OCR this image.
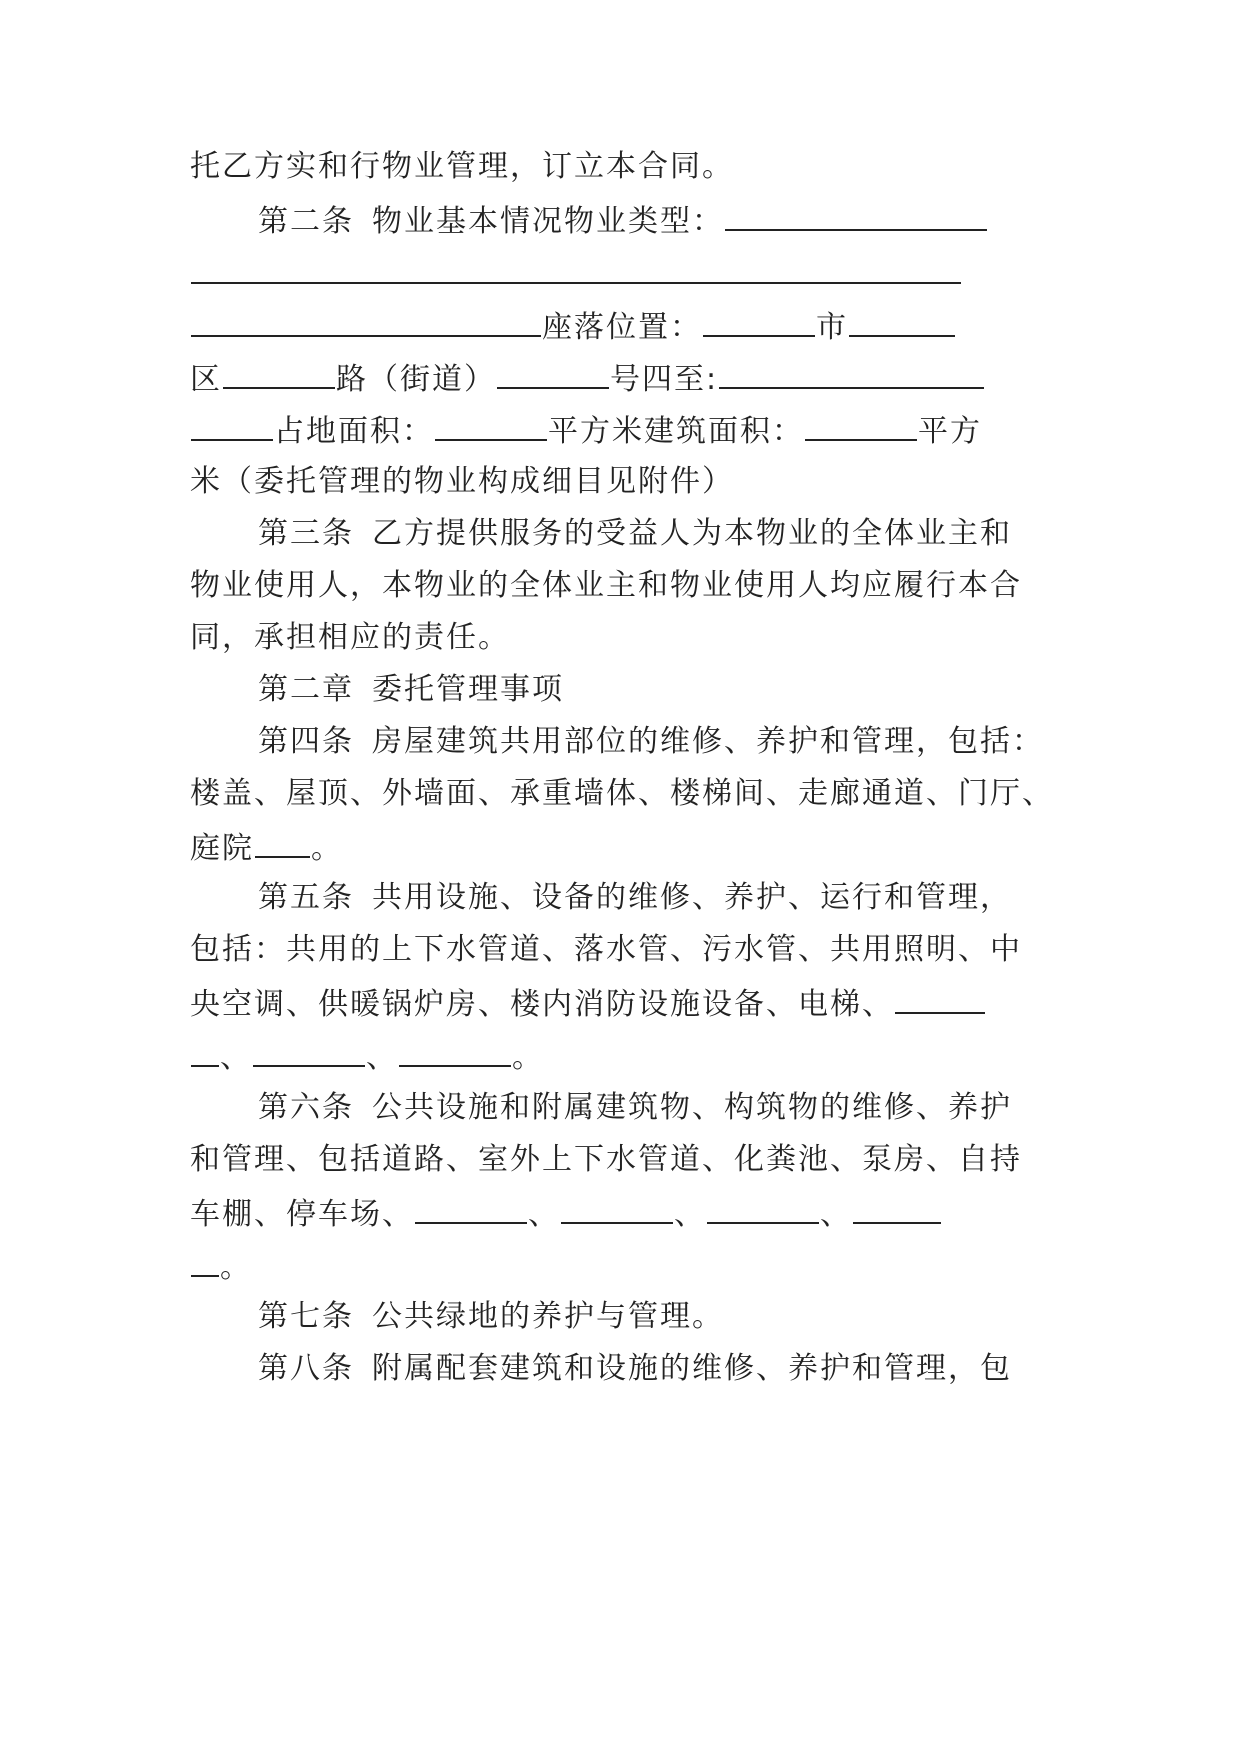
托乙方实和行物业管理，订立本合同。
第二条 物业基本情况物业类型：
座落位置：	市
区	路（街道）	号四至:
占地面积：	平方米建筑面积：	平方
米（委托管理的物业构成细目见附件）
第三条 乙方提供服务的受益人为本物业的全体业主和
物业使用人，本物业的全体业主和物业使用人均应履行本合
同，承担相应的责任。
第二章 委托管理事项
第四条 房屋建筑共用部位的维修、养护和管理，包括：
楼盖、屋顶、外墙面、承重墙体、楼梯间、走廊通道、门厅、
庭院 。
第五条 共用设施、设备的维修、养护、运行和管理，
包括：共用的上下水管道、落水管、污水管、共用照明、中
央空调、供暖锅炉房、楼内消防设施设备、电梯、
、	、	。
第六条 公共设施和附属建筑物、构筑物的维修、养护
和管理、包括道路、室外上下水管道、化粪池、泵房、自持
车棚、停车场、	、	、	、
。
第七条 公共绿地的养护与管理。
第八条 附属配套建筑和设施的维修、养护和管理，包
